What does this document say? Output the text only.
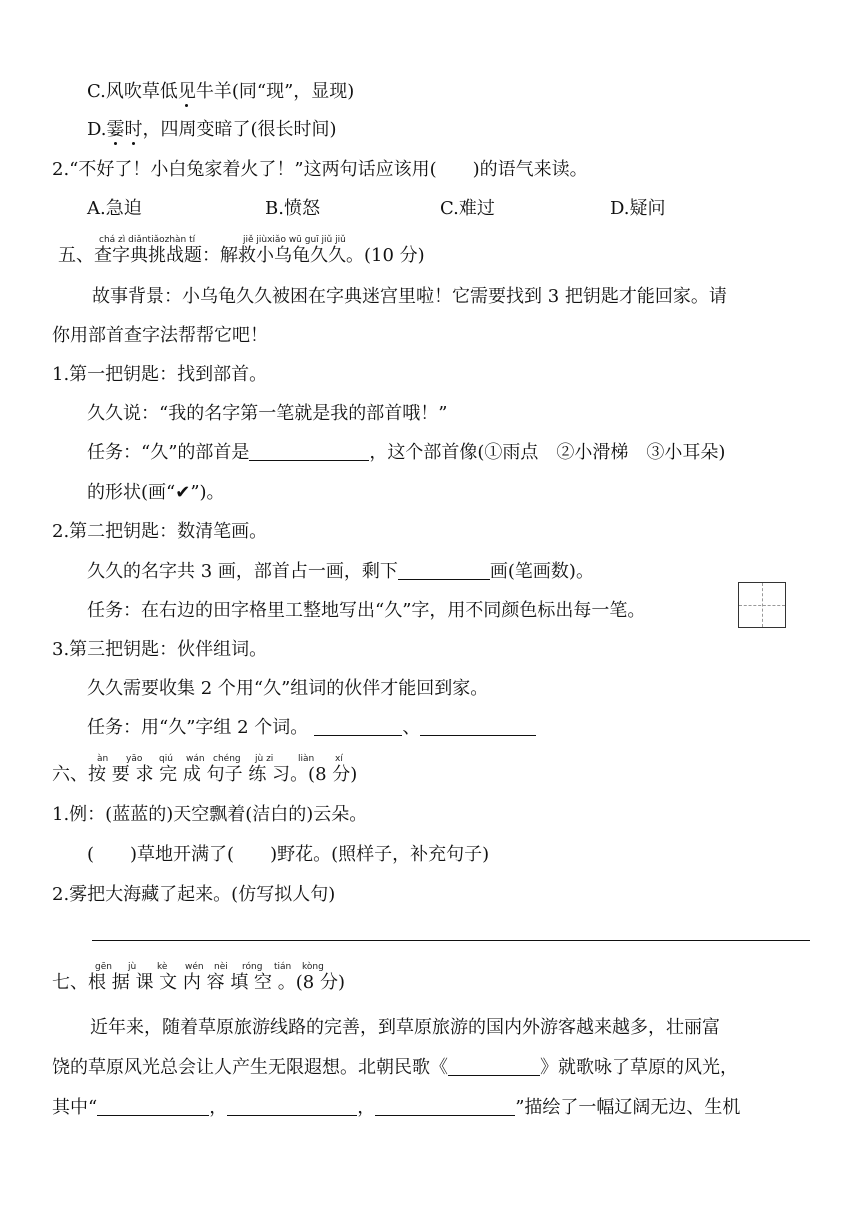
C.风吹草低见牛羊(同“现”，显现)
D.霎时，四周变暗了(很长时间)
2.“不好了！小白兔家着火了！”这两句话应该用(　　)的语气来读。
A.急迫	B.愤怒	C.难过	D.疑问
chá zì diǎntiǎozhàn tí	jiě jiùxiǎo wū guī jiǔ jiǔ
五、查字典挑战题：解救小乌龟久久。(10 分)
故事背景：小乌龟久久被困在字典迷宫里啦！它需要找到 3 把钥匙才能回家。请
你用部首查字法帮帮它吧！
1.第一把钥匙：找到部首。
久久说：“我的名字第一笔就是我的部首哦！”
任务：“久”的部首是	，这个部首像(①雨点　②小滑梯　③小耳朵)
的形状(画“✔”)。
2.第二把钥匙：数清笔画。
久久的名字共 3 画，部首占一画，剩下	画(笔画数)。
任务：在右边的田字格里工整地写出“久”字，用不同颜色标出每一笔。
3.第三把钥匙：伙伴组词。
久久需要收集 2 个用“久”组词的伙伴才能回到家。
任务：用“久”字组 2 个词。	、
àn yāo qiú wán chéng jù zi	liàn xí
六、按 要 求 完 成 句子 练 习。(8 分)
1.例：(蓝蓝的)天空飘着(洁白的)云朵。
(　　)草地开满了(　　)野花。(照样子，补充句子)
2.雾把大海藏了起来。(仿写拟人句)
gēn jù kè wén nèi róng tián kòng
七、根 据 课 文 内 容 填 空 。(8 分)
近年来，随着草原旅游线路的完善，到草原旅游的国内外游客越来越多，壮丽富
饶的草原风光总会让人产生无限遐想。北朝民歌《	》就歌咏了草原的风光，
其中“	，	，	”描绘了一幅辽阔无边、生机
